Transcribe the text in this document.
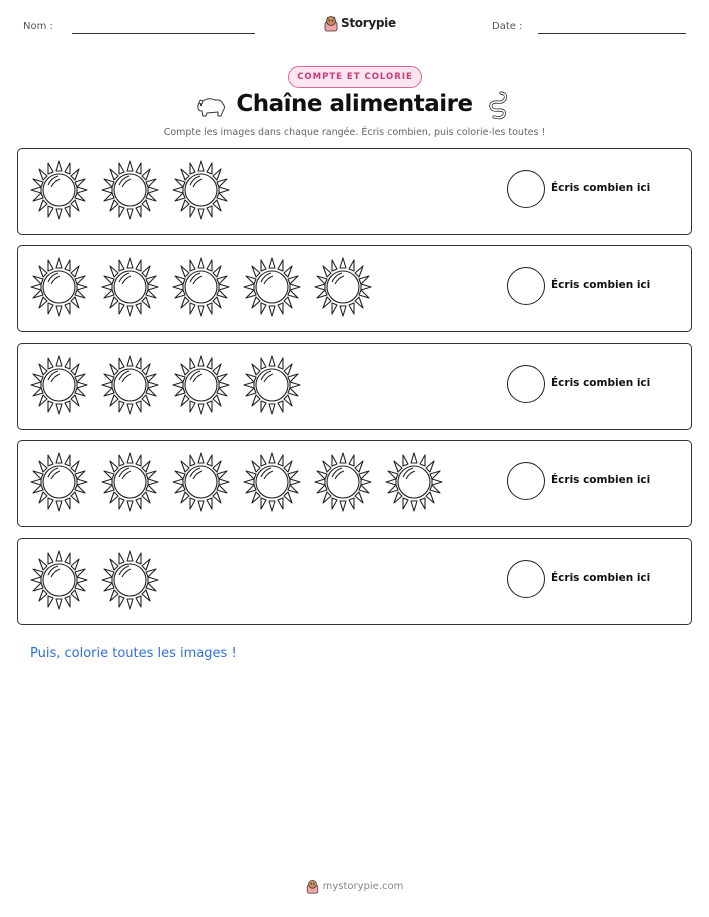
Nom :	Storypie	Date :
COMPTE ET COLORIE
Chaîne alimentaire
Compte les images dans chaque rangée. Écris combien, puis colorie-les toutes !
Écris combien ici
Écris combien ici
Écris combien ici
Écris combien ici
Écris combien ici
Puis, colorie toutes les images !
mystorypie.com
